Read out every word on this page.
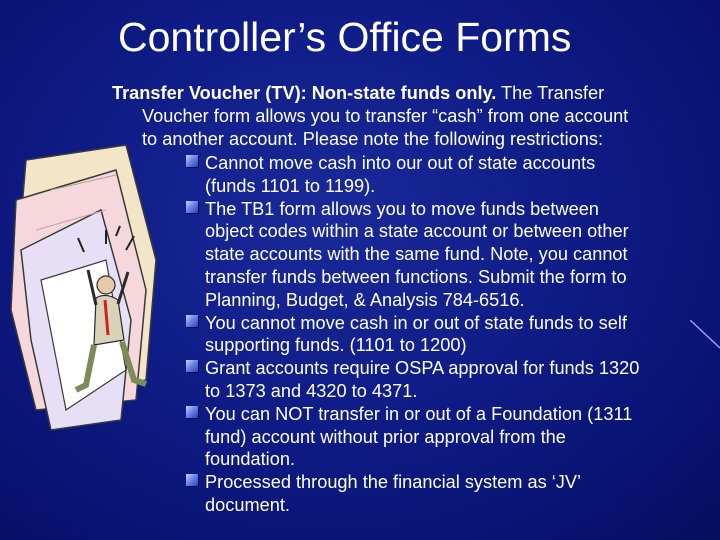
Controller’s Office Forms
Transfer Voucher (TV): Non-state funds only. The Transfer
Voucher form allows you to transfer “cash” from one account
to another account. Please note the following restrictions:
Cannot move cash into our out of state accounts
(funds 1101 to 1199).
The TB1 form allows you to move funds between
object codes within a state account or between other
state accounts with the same fund. Note, you cannot
transfer funds between functions. Submit the form to
Planning, Budget, & Analysis 784-6516.
You cannot move cash in or out of state funds to self
supporting funds. (1101 to 1200)
Grant accounts require OSPA approval for funds 1320
to 1373 and 4320 to 4371.
You can NOT transfer in or out of a Foundation (1311
fund) account without prior approval from the
foundation.
Processed through the financial system as ‘JV’
document.
